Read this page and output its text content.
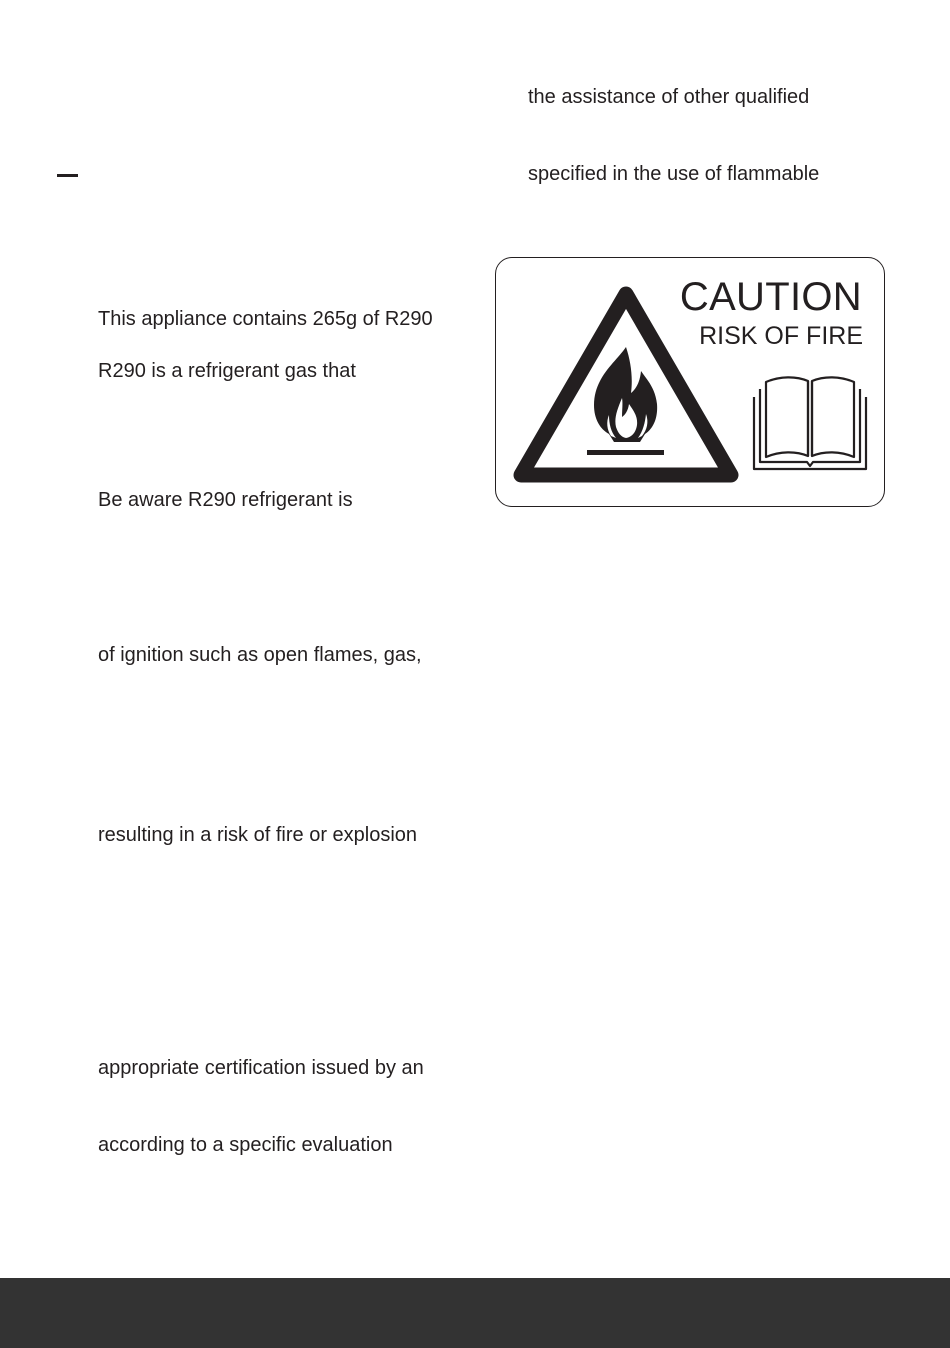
the assistance of other qualified
specified in the use of flammable
This appliance contains 265g of R290
R290 is a refrigerant gas that
Be aware R290 refrigerant is
of ignition such as open flames, gas,
resulting in a risk of fire or explosion
appropriate certification issued by an
according to a specific evaluation
CAUTION
RISK OF FIRE
